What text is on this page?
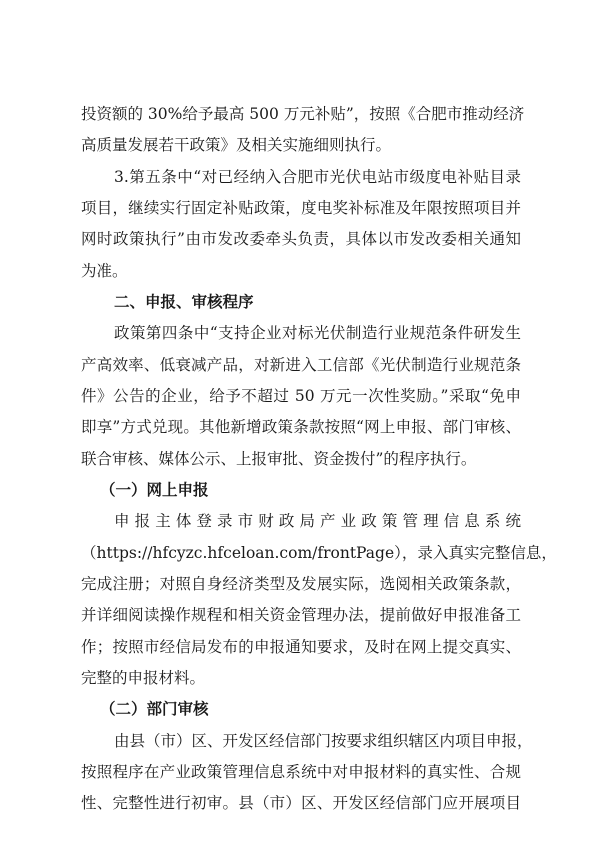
投资额的 30%给予最高 500 万元补贴”，按照《合肥市推动经济
高质量发展若干政策》及相关实施细则执行。
3.第五条中“对已经纳入合肥市光伏电站市级度电补贴目录
项目，继续实行固定补贴政策，度电奖补标准及年限按照项目并
网时政策执行”由市发改委牵头负责，具体以市发改委相关通知
为准。
二、申报、审核程序
政策第四条中“支持企业对标光伏制造行业规范条件研发生
产高效率、低衰减产品，对新进入工信部《光伏制造行业规范条
件》公告的企业，给予不超过 50 万元一次性奖励。”采取“免申
即享”方式兑现。其他新增政策条款按照“网上申报、部门审核、
联合审核、媒体公示、上报审批、资金拨付”的程序执行。
（一）网上申报
申报主体登录市财政局产业政策管理信息系统
（https://hfcyzc.hfceloan.com/frontPage），录入真实完整信息，
完成注册；对照自身经济类型及发展实际，选阅相关政策条款，
并详细阅读操作规程和相关资金管理办法，提前做好申报准备工
作；按照市经信局发布的申报通知要求，及时在网上提交真实、
完整的申报材料。
（二）部门审核
由县（市）区、开发区经信部门按要求组织辖区内项目申报，
按照程序在产业政策管理信息系统中对申报材料的真实性、合规
性、完整性进行初审。县（市）区、开发区经信部门应开展项目
